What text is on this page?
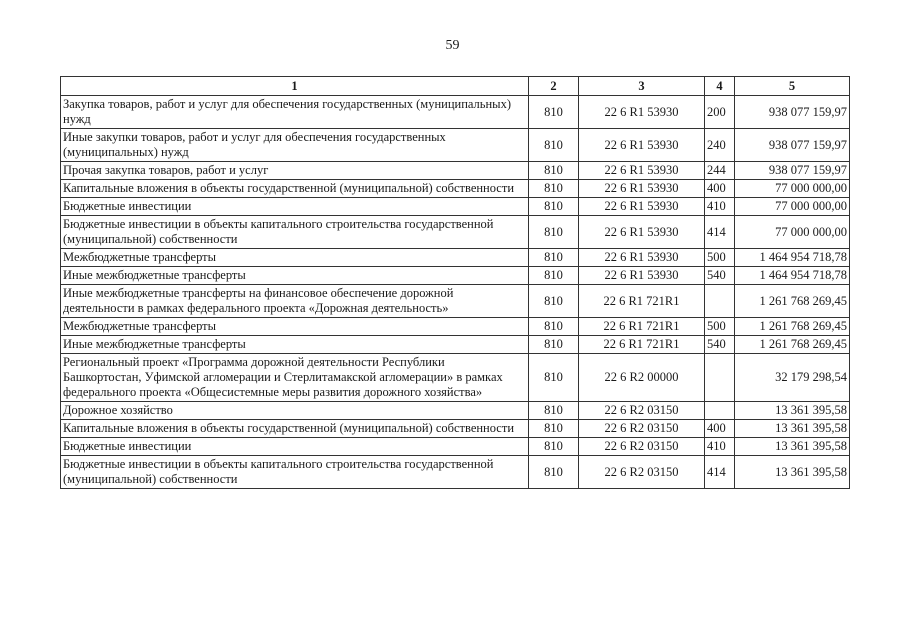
59
1	2	3	4	5
Закупка товаров, работ и услуг для обеспечения государственных (муниципальных) нужд	810	22 6 R1 53930	200	938 077 159,97
Иные закупки товаров, работ и услуг для обеспечения государственных (муниципальных) нужд	810	22 6 R1 53930	240	938 077 159,97
Прочая закупка товаров, работ и услуг	810	22 6 R1 53930	244	938 077 159,97
Капитальные вложения в объекты государственной (муниципальной) собственности	810	22 6 R1 53930	400	77 000 000,00
Бюджетные инвестиции	810	22 6 R1 53930	410	77 000 000,00
Бюджетные инвестиции в объекты капитального строительства государственной (муниципальной) собственности	810	22 6 R1 53930	414	77 000 000,00
Межбюджетные трансферты	810	22 6 R1 53930	500	1 464 954 718,78
Иные межбюджетные трансферты	810	22 6 R1 53930	540	1 464 954 718,78
Иные межбюджетные трансферты на финансовое обеспечение дорожной деятельности в рамках федерального проекта «Дорожная деятельность»	810	22 6 R1 721R1		1 261 768 269,45
Межбюджетные трансферты	810	22 6 R1 721R1	500	1 261 768 269,45
Иные межбюджетные трансферты	810	22 6 R1 721R1	540	1 261 768 269,45
Региональный проект «Программа дорожной деятельности Республики Башкортостан, Уфимской агломерации и Стерлитамакской агломерации» в рамках федерального проекта «Общесистемные меры развития дорожного хозяйства»	810	22 6 R2 00000		32 179 298,54
Дорожное хозяйство	810	22 6 R2 03150		13 361 395,58
Капитальные вложения в объекты государственной (муниципальной) собственности	810	22 6 R2 03150	400	13 361 395,58
Бюджетные инвестиции	810	22 6 R2 03150	410	13 361 395,58
Бюджетные инвестиции в объекты капитального строительства государственной (муниципальной) собственности	810	22 6 R2 03150	414	13 361 395,58
